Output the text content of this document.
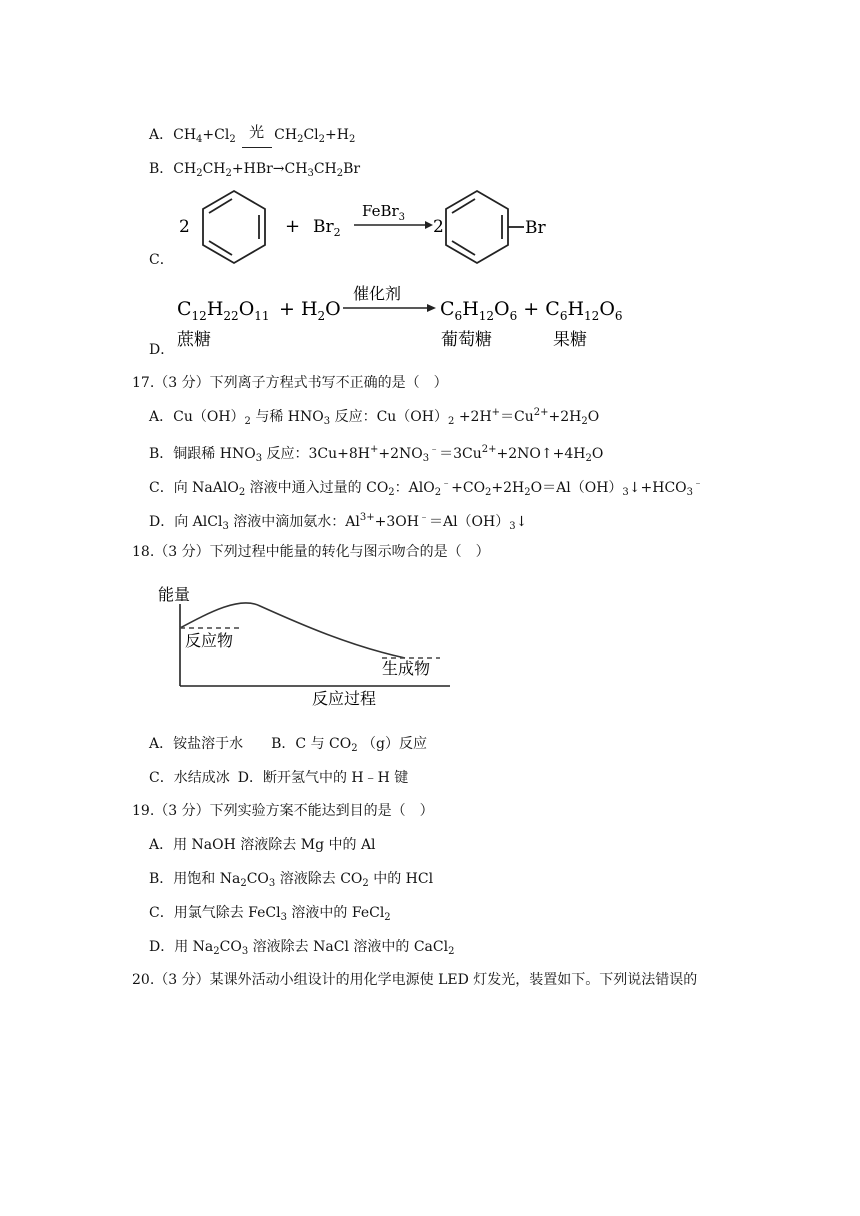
A．$CH_4+Cl_2$ 光 $CH_2Cl_2+H_2$
B．$CH_2CH_2+HBr\to CH_3CH_2Br$
C．
2	+ $Br_2$
FeBr$_3$ 2	Br
D．
$C_{12}H_{22}O_{11} + H_2O$
催化剂
$C_6H_{12}O_6 + C_6H_{12}O_6$
蔗糖	葡萄糖	果糖
17.（3 分）下列离子方程式书写不正确的是（　）
A．$Cu(OH)_2$ 与稀 $HNO_3$ 反应：$Cu(OH)_2 +2H^+=Cu^{2+}+2H_2O$
B．铜跟稀 $HNO_3$ 反应：$3Cu+8H^++2NO_3^﹣=3Cu^{2+}+2NO↑+4H_2O$
C．向 NaAlO$_2$ 溶液中通入过量的 $CO_2$：$AlO_2^﹣+CO_2+2H_2O=Al(OH)_3↓+HCO_3^﹣$
D．向 AlCl$_3$ 溶液中滴加氨水：$Al^{3+}+3OH^﹣=Al(OH)_3↓$
18.（3 分）下列过程中能量的转化与图示吻合的是（　）
能量
反应物
生成物
反应过程
A．铵盐溶于水 B．C 与 $CO_2$ （g）反应
C．水结成冰 D．断开氢气中的 H﹣H 键
19.（3 分）下列实验方案不能达到目的是（　）
A．用 NaOH 溶液除去 Mg 中的 Al
B．用饱和 $Na_2CO_3$ 溶液除去 $CO_2$ 中的 HCl
C．用氯气除去 FeCl$_3$ 溶液中的 FeCl$_2$
D．用 $Na_2CO_3$ 溶液除去 NaCl 溶液中的 CaCl$_2$
20.（3 分）某课外活动小组设计的用化学电源使 LED 灯发光，装置如下。下列说法错误的
